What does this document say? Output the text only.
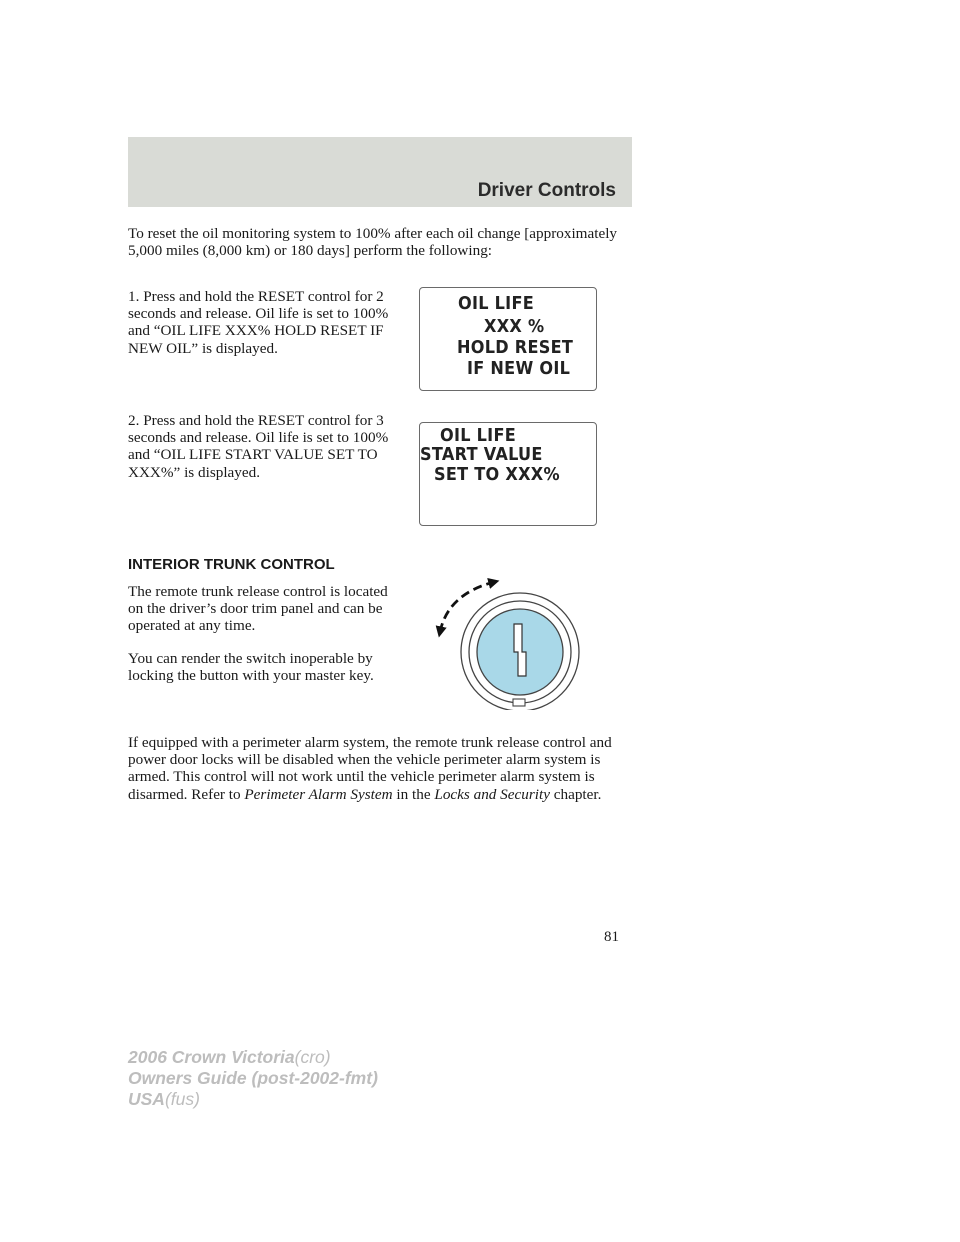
Driver Controls

To reset the oil monitoring system to 100% after each oil change [approximately 5,000 miles (8,000 km) or 180 days] perform the following:

1. Press and hold the RESET control for 2 seconds and release. Oil life is set to 100% and “OIL LIFE XXX% HOLD RESET IF NEW OIL” is displayed.

OIL LIFE

XXX %

HOLD RESET

IF NEW OIL

2. Press and hold the RESET control for 3 seconds and release. Oil life is set to 100% and “OIL LIFE START VALUE SET TO XXX%” is displayed.

OIL LIFE

START VALUE

SET TO XXX%

INTERIOR TRUNK CONTROL

The remote trunk release control is located on the driver’s door trim panel and can be operated at any time.

You can render the switch inoperable by locking the button with your master key.

If equipped with a perimeter alarm system, the remote trunk release control and power door locks will be disabled when the vehicle perimeter alarm system is armed. This control will not work until the vehicle perimeter alarm system is disarmed. Refer to Perimeter Alarm System in the Locks and Security chapter.

81

2006 Crown Victoria(cro)

Owners Guide (post-2002-fmt)

USA(fus)
